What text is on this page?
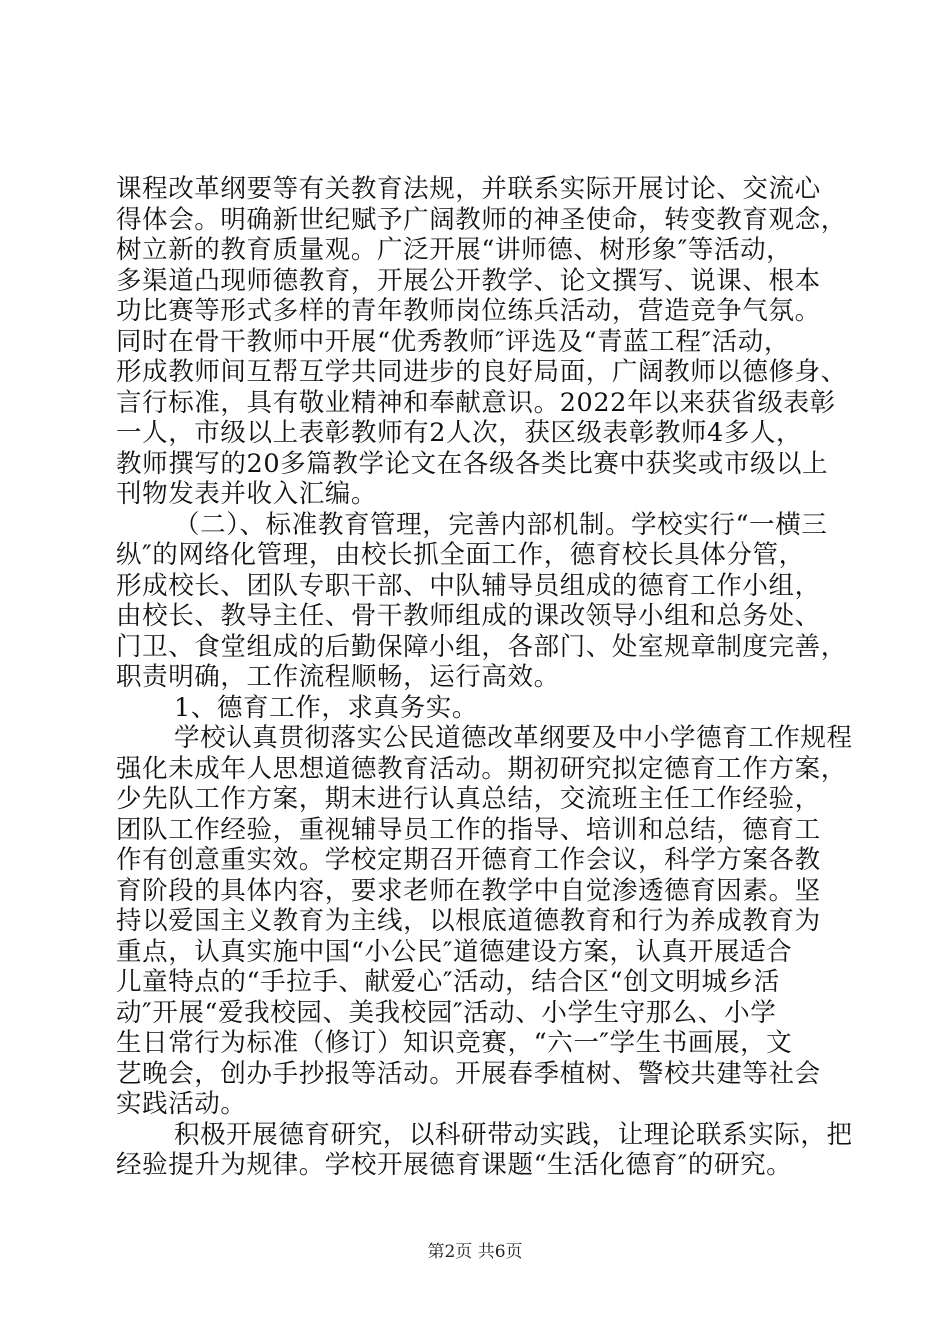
课程改革纲要等有关教育法规，并联系实际开展讨论、交流心
得体会。明确新世纪赋予广阔教师的神圣使命，转变教育观念，
树立新的教育质量观。广泛开展“讲师德、树形象″等活动，
多渠道凸现师德教育，开展公开教学、论文撰写、说课、根本
功比赛等形式多样的青年教师岗位练兵活动，营造竞争气氛。
同时在骨干教师中开展“优秀教师″评选及“青蓝工程″活动，
形成教师间互帮互学共同进步的良好局面，广阔教师以德修身、
言行标准，具有敬业精神和奉献意识。2022年以来获省级表彰
一人，市级以上表彰教师有2人次，获区级表彰教师4多人，
教师撰写的20多篇教学论文在各级各类比赛中获奖或市级以上
刊物发表并收入汇编。
（二）、标准教育管理，完善内部机制。学校实行“一横三
纵″的网络化管理，由校长抓全面工作，德育校长具体分管，
形成校长、团队专职干部、中队辅导员组成的德育工作小组，
由校长、教导主任、骨干教师组成的课改领导小组和总务处、
门卫、食堂组成的后勤保障小组，各部门、处室规章制度完善，
职责明确，工作流程顺畅，运行高效。
1、德育工作，求真务实。
学校认真贯彻落实公民道德改革纲要及中小学德育工作规程
强化未成年人思想道德教育活动。期初研究拟定德育工作方案，
少先队工作方案，期末进行认真总结，交流班主任工作经验，
团队工作经验，重视辅导员工作的指导、培训和总结，德育工
作有创意重实效。学校定期召开德育工作会议，科学方案各教
育阶段的具体内容，要求老师在教学中自觉渗透德育因素。坚
持以爱国主义教育为主线，以根底道德教育和行为养成教育为
重点，认真实施中国“小公民″道德建设方案，认真开展适合
儿童特点的“手拉手、献爱心″活动，结合区“创文明城乡活
动″开展“爱我校园、美我校园″活动、小学生守那么、小学
生日常行为标准（修订）知识竞赛，“六一″学生书画展，文
艺晚会，创办手抄报等活动。开展春季植树、警校共建等社会
实践活动。
积极开展德育研究，以科研带动实践，让理论联系实际，把
经验提升为规律。学校开展德育课题“生活化德育″的研究。
第2页 共6页
